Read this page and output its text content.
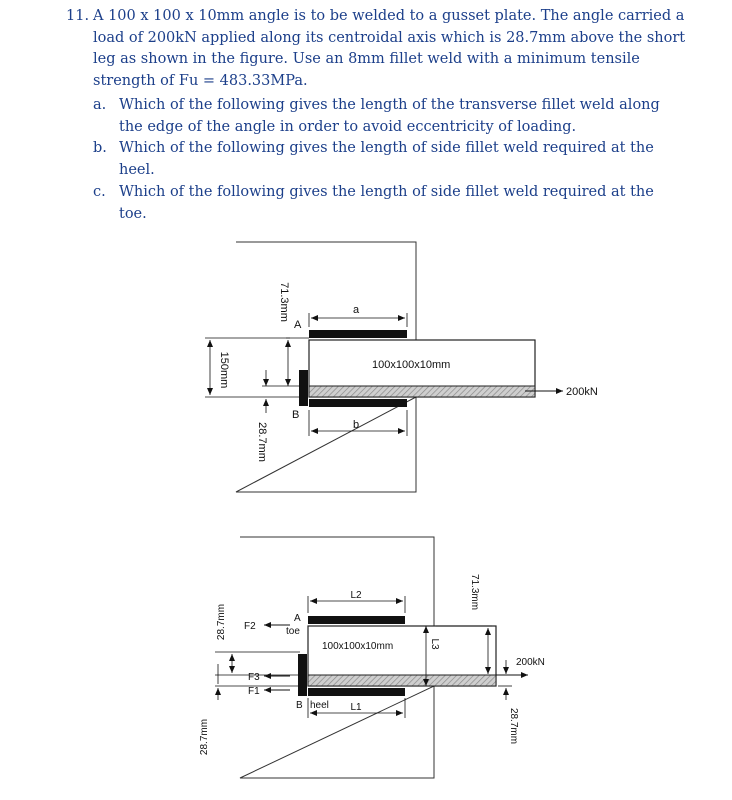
11. A 100 x 100 x 10mm angle is to be welded to a gusset plate. The angle carried a load of 200kN applied along its centroidal axis which is 28.7mm above the short leg as shown in the figure. Use an 8mm fillet weld with a minimum tensile strength of Fu = 483.33MPa.
a. Which of the following gives the length of the transverse fillet weld along the edge of the angle in order to avoid eccentricity of loading.
b. Which of the following gives the length of side fillet weld required at the heel.
c. Which of the following gives the length of side fillet weld required at the toe.
a
b
A
B
100x100x10mm
200kN
71.3mm
150mm
28.7mm
L2
L1
L3
A
toe
B heel
100x100x10mm
F2
F3
F1
200kN
71.3mm
28.7mm
28.7mm
28.7mm
